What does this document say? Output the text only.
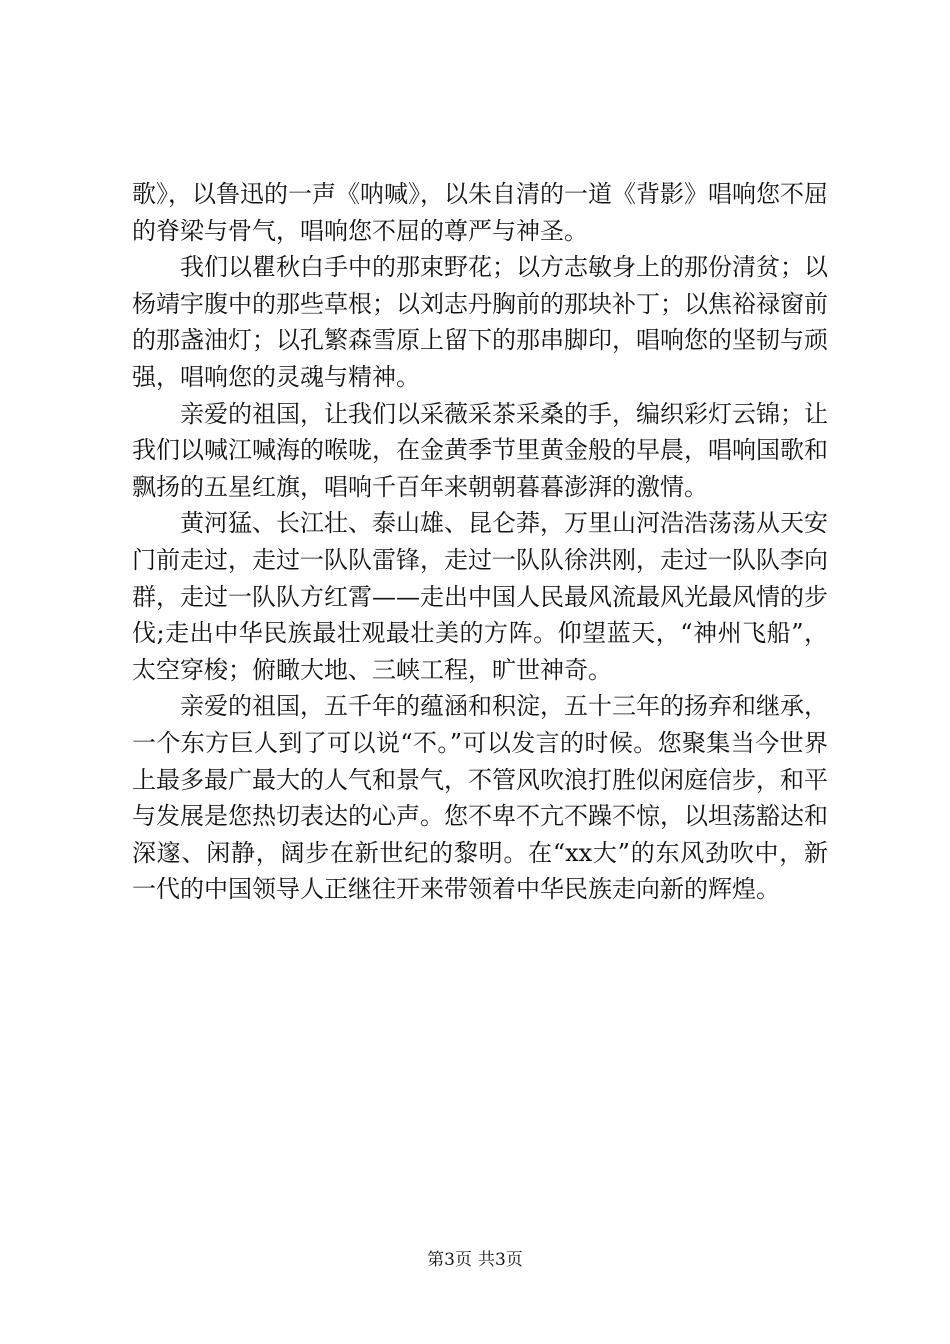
歌》，以鲁迅的一声《呐喊》，以朱自清的一道《背影》唱响您不屈的脊梁与骨气，唱响您不屈的尊严与神圣。

我们以瞿秋白手中的那束野花；以方志敏身上的那份清贫；以杨靖宇腹中的那些草根；以刘志丹胸前的那块补丁；以焦裕禄窗前的那盏油灯；以孔繁森雪原上留下的那串脚印，唱响您的坚韧与顽强，唱响您的灵魂与精神。

亲爱的祖国，让我们以采薇采茶采桑的手，编织彩灯云锦；让我们以喊江喊海的喉咙，在金黄季节里黄金般的早晨，唱响国歌和飘扬的五星红旗，唱响千百年来朝朝暮暮澎湃的激情。

黄河猛、长江壮、泰山雄、昆仑莽，万里山河浩浩荡荡从天安门前走过，走过一队队雷锋，走过一队队徐洪刚，走过一队队李向群，走过一队队方红霄——走出中国人民最风流最风光最风情的步伐;走出中华民族最壮观最壮美的方阵。仰望蓝天，“神州飞船”，太空穿梭；俯瞰大地、三峡工程，旷世神奇。

亲爱的祖国，五千年的蕴涵和积淀，五十三年的扬弃和继承，一个东方巨人到了可以说“不。”可以发言的时候。您聚集当今世界上最多最广最大的人气和景气，不管风吹浪打胜似闲庭信步，和平与发展是您热切表达的心声。您不卑不亢不躁不惊，以坦荡豁达和深邃、闲静，阔步在新世纪的黎明。在“xx大”的东风劲吹中，新一代的中国领导人正继往开来带领着中华民族走向新的辉煌。

第3页 共3页
